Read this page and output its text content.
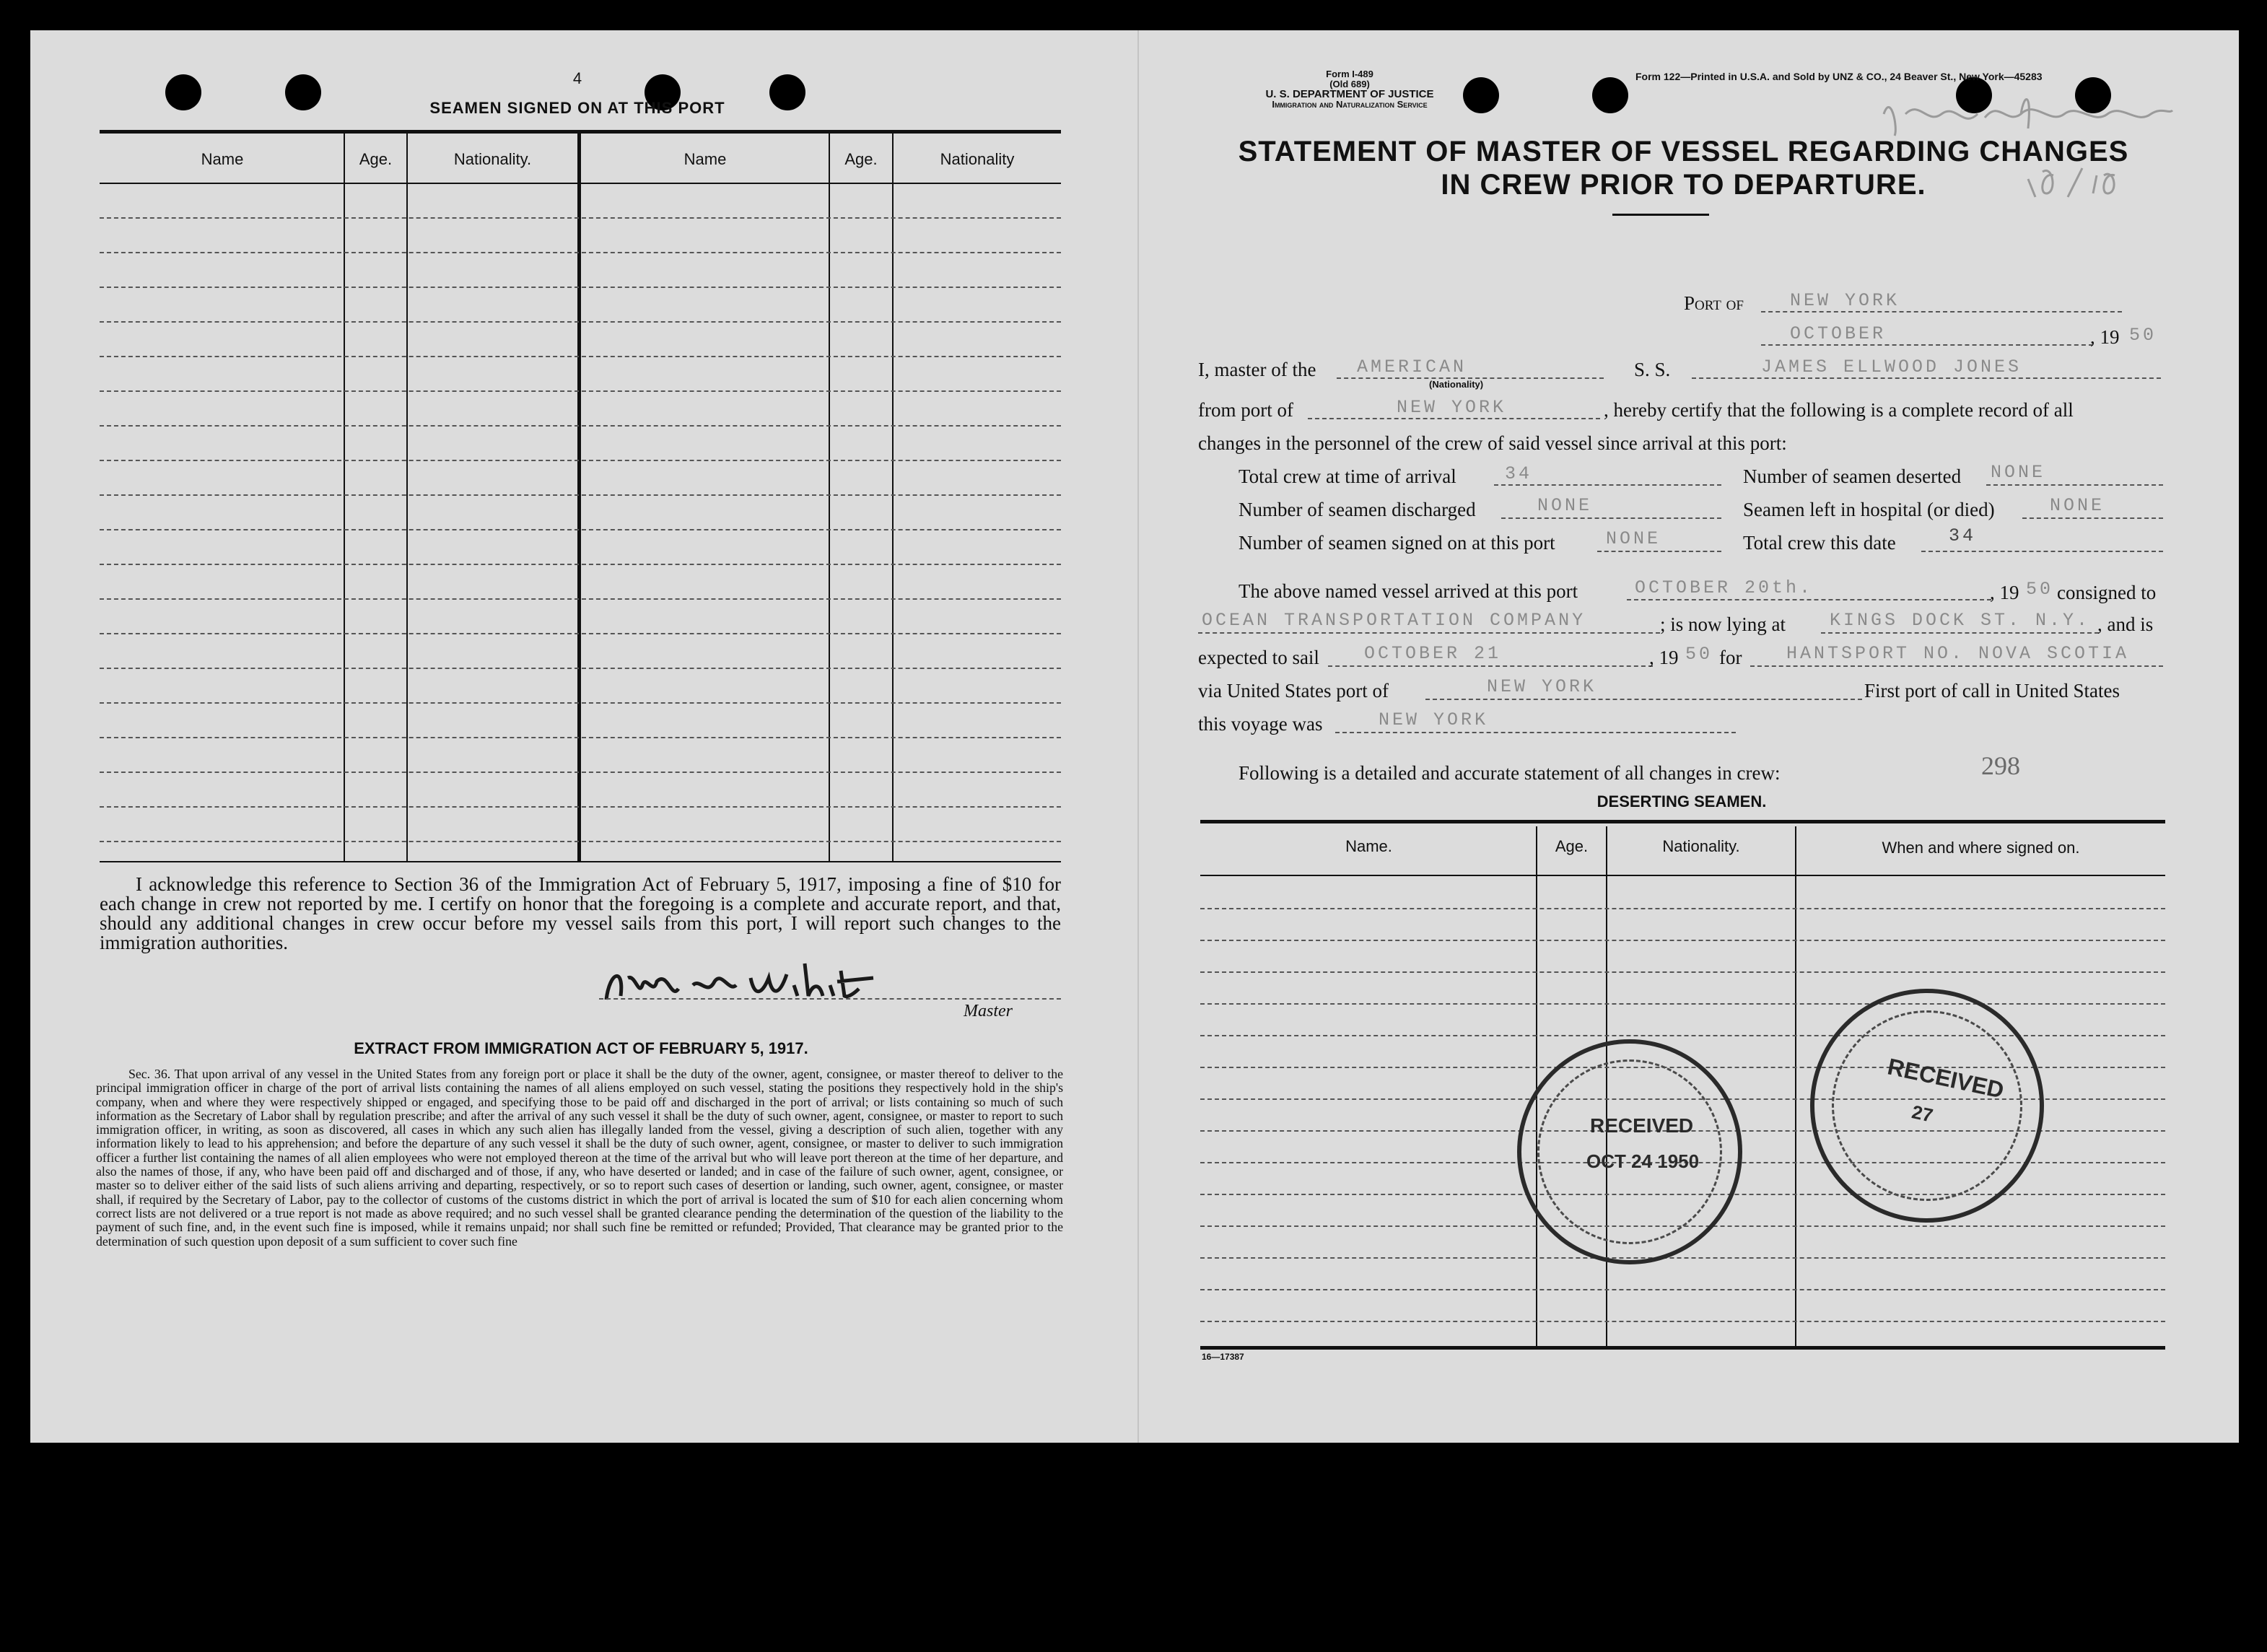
4
SEAMEN SIGNED ON AT THIS PORT
Name	Age.	Nationality.	Name	Age.	Nationality
I acknowledge this reference to Section 36 of the Immigration Act of February 5, 1917, imposing a fine of $10 for each change in crew not reported by me. I certify on honor that the foregoing is a complete and accurate report, and that, should any additional changes in crew occur before my vessel sails from this port, I will report such changes to the immigration authorities.
Master
EXTRACT FROM IMMIGRATION ACT OF FEBRUARY 5, 1917.
Sec. 36. That upon arrival of any vessel in the United States from any foreign port or place it shall be the duty of the owner, agent, consignee, or master thereof to deliver to the principal immigration officer in charge of the port of arrival lists containing the names of all aliens employed on such vessel, stating the positions they respectively hold in the ship's company, when and where they were respectively shipped or engaged, and specifying those to be paid off and discharged in the port of arrival; or lists containing so much of such information as the Secretary of Labor shall by regulation prescribe; and after the arrival of any such vessel it shall be the duty of such owner, agent, consignee, or master to report to such immigration officer, in writing, as soon as discovered, all cases in which any such alien has illegally landed from the vessel, giving a description of such alien, together with any information likely to lead to his apprehension; and before the departure of any such vessel it shall be the duty of such owner, agent, consignee, or master to deliver to such immigration officer a further list containing the names of all alien employees who were not employed thereon at the time of the arrival but who will leave port thereon at the time of her departure, and also the names of those, if any, who have been paid off and discharged and of those, if any, who have deserted or landed; and in case of the failure of such owner, agent, consignee, or master so to deliver either of the said lists of such aliens arriving and departing, respectively, or so to report such cases of desertion or landing, such owner, agent, consignee, or master shall, if required by the Secretary of Labor, pay to the collector of customs of the customs district in which the port of arrival is located the sum of $10 for each alien concerning whom correct lists are not delivered or a true report is not made as above required; and no such vessel shall be granted clearance pending the determination of the question of the liability to the payment of such fine, and, in the event such fine is imposed, while it remains unpaid; nor shall such fine be remitted or refunded; Provided, That clearance may be granted prior to the determination of such question upon deposit of a sum sufficient to cover such fine
Form I-489
(Old 689)
U. S. DEPARTMENT OF JUSTICE
Immigration and Naturalization Service
Form 122—Printed in U.S.A. and Sold by UNZ & CO., 24 Beaver St., New York—45283
STATEMENT OF MASTER OF VESSEL REGARDING CHANGES
IN CREW PRIOR TO DEPARTURE.
Port of	NEW YORK
OCTOBER	, 19 50
I, master of the AMERICAN
(Nationality)
S. S.	JAMES ELLWOOD JONES
from port of	NEW YORK	, hereby certify that the following is a complete record of all
changes in the personnel of the crew of said vessel since arrival at this port:
Total crew at time of arrival	34	Number of seamen deserted NONE
Number of seamen discharged	NONE	Seamen left in hospital (or died)	NONE
Number of seamen signed on at this port	NONE	Total crew this date	34
The above named vessel arrived at this port	OCTOBER 20th.	, 19 50 consigned to
OCEAN TRANSPORTATION COMPANY	; is now lying at KINGS DOCK ST. N.Y. , and is
expected to sail OCTOBER 21	, 19 50 for HANTSPORT NO. NOVA SCOTIA
via United States port of	NEW YORK	First port of call in United States
this voyage was	NEW YORK
Following is a detailed and accurate statement of all changes in crew:	298
DESERTING SEAMEN.
Name.	Age.	Nationality.	When and where signed on.
RECEIVED
OCT 24 1950
RECEIVED
27
16—17387
